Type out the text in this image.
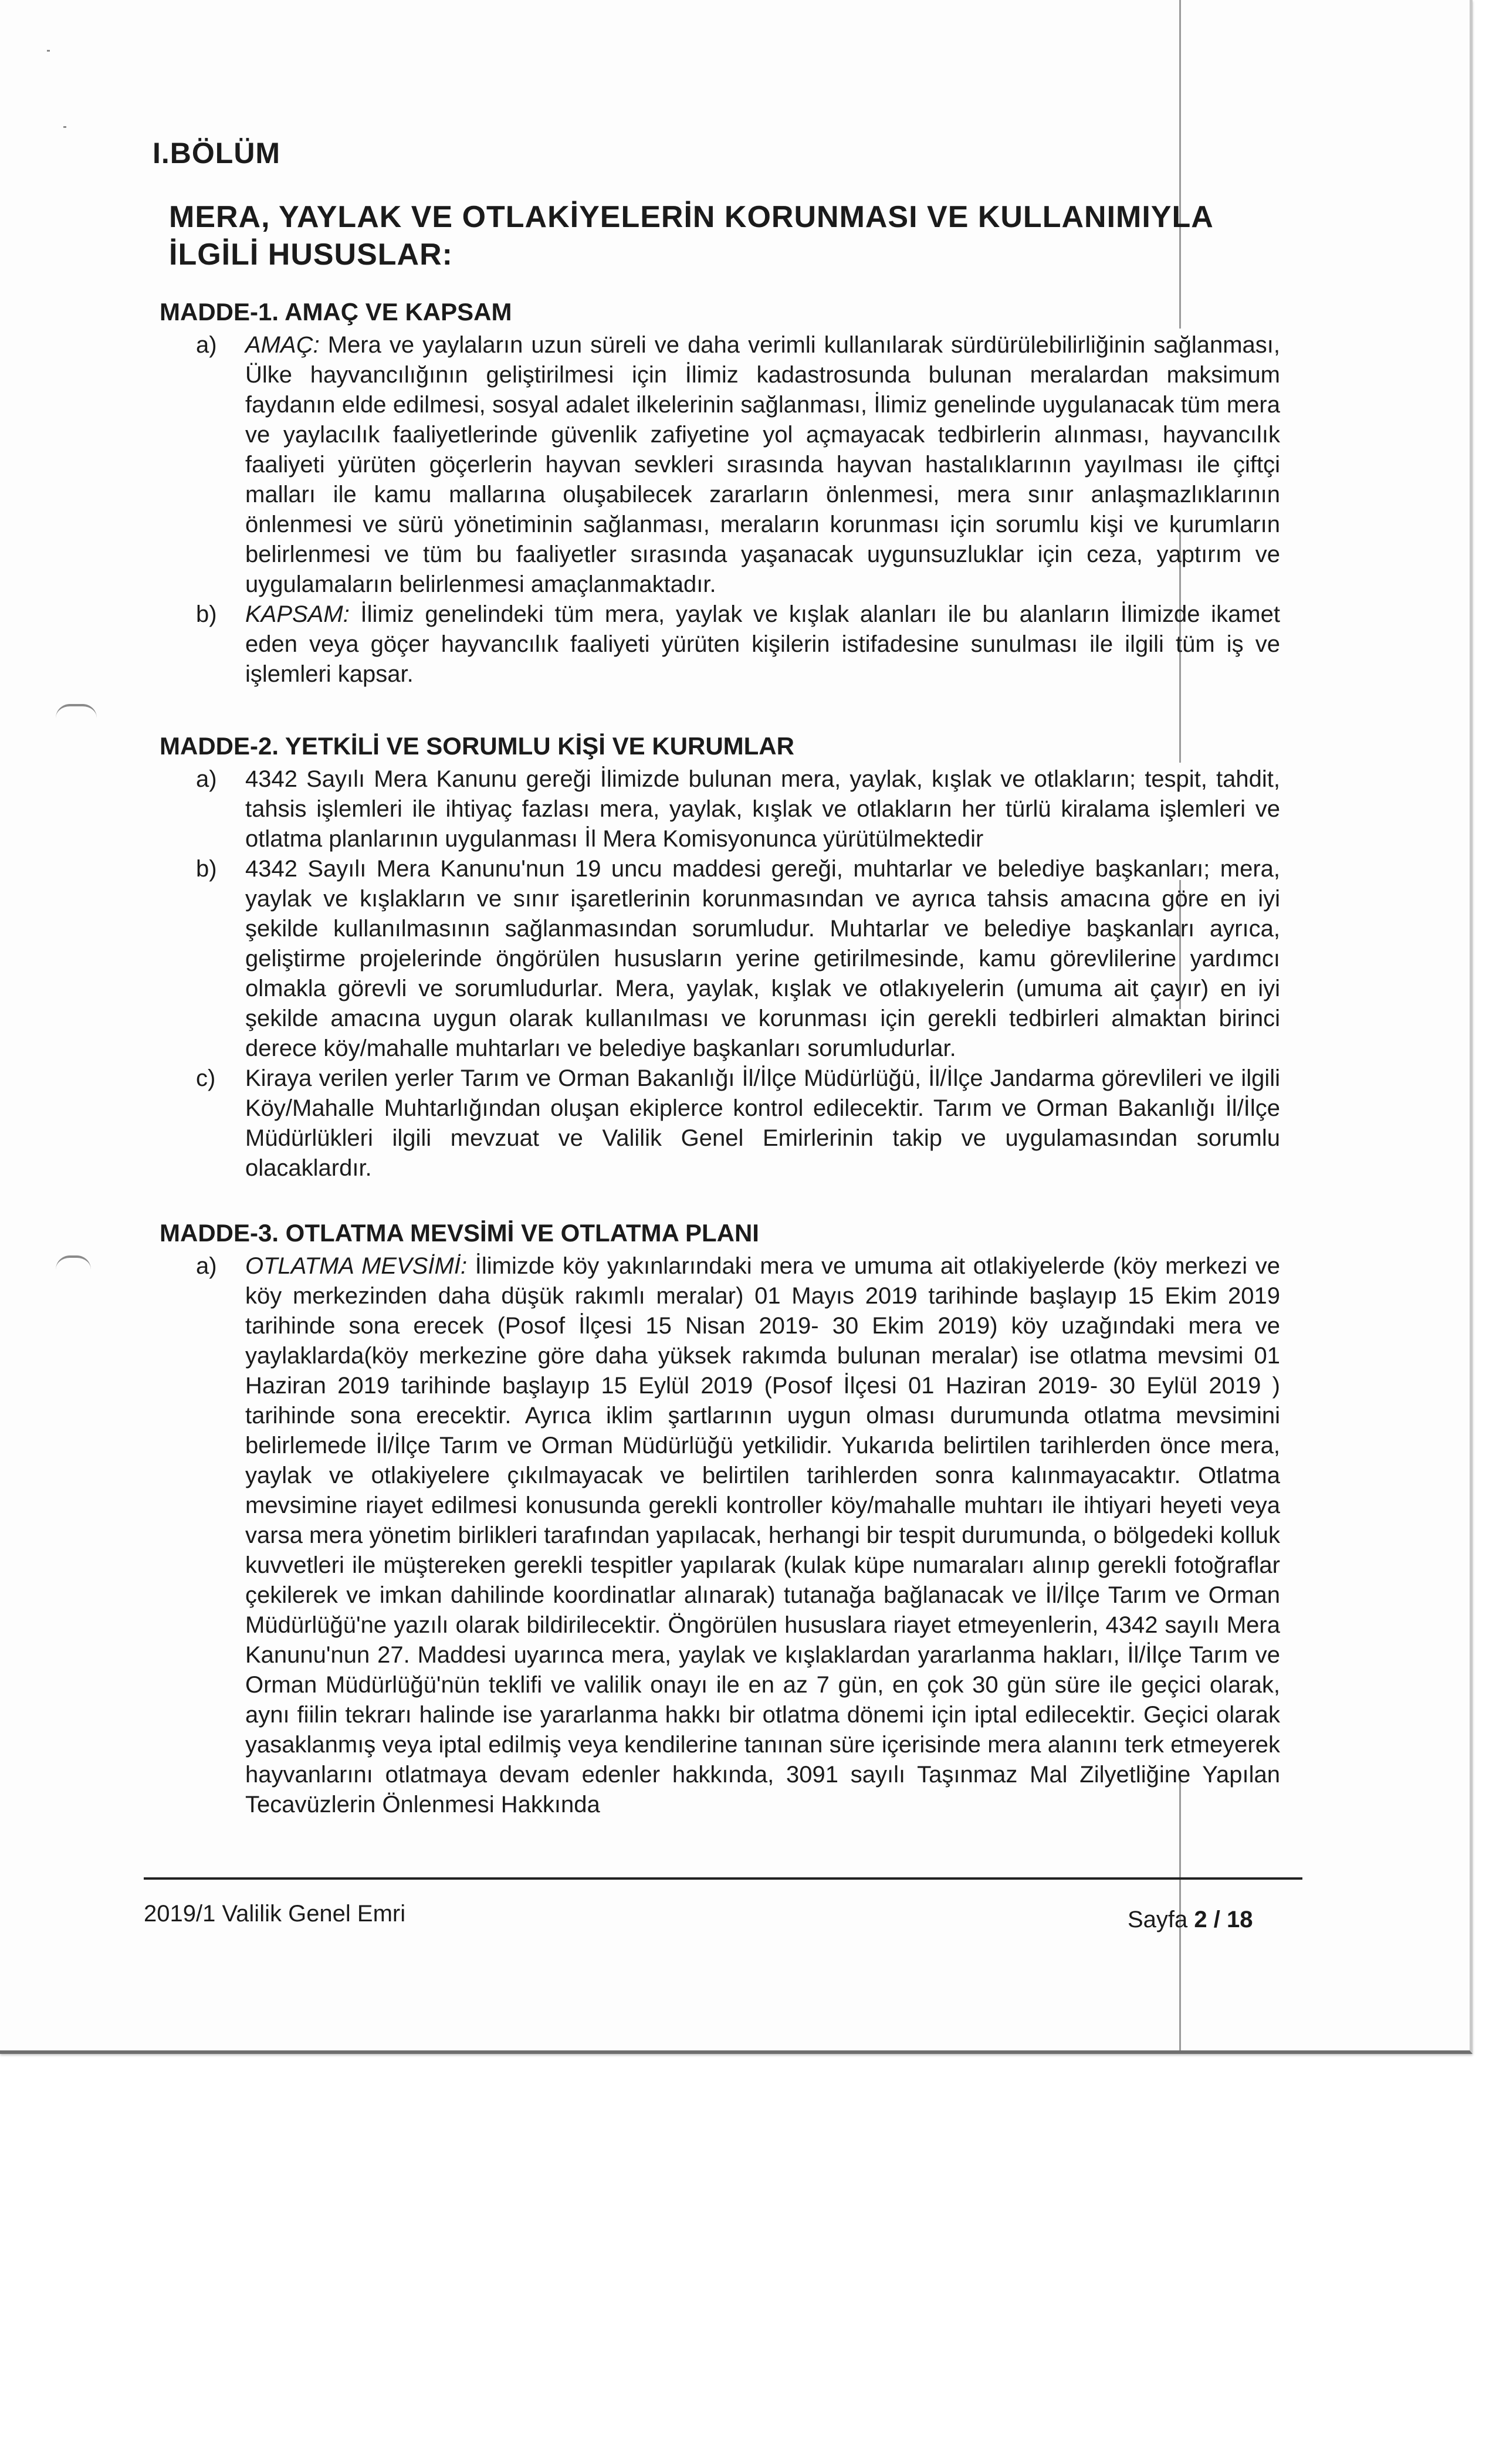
I.BÖLÜM
MERA, YAYLAK VE OTLAKİYELERİN KORUNMASI VE KULLANIMIYLA İLGİLİ HUSUSLAR:
MADDE-1. AMAÇ VE KAPSAM
a) AMAÇ: Mera ve yaylaların uzun süreli ve daha verimli kullanılarak sürdürülebilirliğinin sağlanması, Ülke hayvancılığının geliştirilmesi için İlimiz kadastrosunda bulunan meralardan maksimum faydanın elde edilmesi, sosyal adalet ilkelerinin sağlanması, İlimiz genelinde uygulanacak tüm mera ve yaylacılık faaliyetlerinde güvenlik zafiyetine yol açmayacak tedbirlerin alınması, hayvancılık faaliyeti yürüten göçerlerin hayvan sevkleri sırasında hayvan hastalıklarının yayılması ile çiftçi malları ile kamu mallarına oluşabilecek zararların önlenmesi, mera sınır anlaşmazlıklarının önlenmesi ve sürü yönetiminin sağlanması, meraların korunması için sorumlu kişi ve kurumların belirlenmesi ve tüm bu faaliyetler sırasında yaşanacak uygunsuzluklar için ceza, yaptırım ve uygulamaların belirlenmesi amaçlanmaktadır.

b) KAPSAM: İlimiz genelindeki tüm mera, yaylak ve kışlak alanları ile bu alanların İlimizde ikamet eden veya göçer hayvancılık faaliyeti yürüten kişilerin istifadesine sunulması ile ilgili tüm iş ve işlemleri kapsar.

MADDE-2. YETKİLİ VE SORUMLU KİŞİ VE KURUMLAR
a) 4342 Sayılı Mera Kanunu gereği İlimizde bulunan mera, yaylak, kışlak ve otlakların; tespit, tahdit, tahsis işlemleri ile ihtiyaç fazlası mera, yaylak, kışlak ve otlakların her türlü kiralama işlemleri ve otlatma planlarının uygulanması İl Mera Komisyonunca yürütülmektedir

b) 4342 Sayılı Mera Kanunu'nun 19 uncu maddesi gereği, muhtarlar ve belediye başkanları; mera, yaylak ve kışlakların ve sınır işaretlerinin korunmasından ve ayrıca tahsis amacına göre en iyi şekilde kullanılmasının sağlanmasından sorumludur. Muhtarlar ve belediye başkanları ayrıca, geliştirme projelerinde öngörülen hususların yerine getirilmesinde, kamu görevlilerine yardımcı olmakla görevli ve sorumludurlar. Mera, yaylak, kışlak ve otlakıyelerin (umuma ait çayır) en iyi şekilde amacına uygun olarak kullanılması ve korunması için gerekli tedbirleri almaktan birinci derece köy/mahalle muhtarları ve belediye başkanları sorumludurlar.

c) Kiraya verilen yerler Tarım ve Orman Bakanlığı İl/İlçe Müdürlüğü, İl/İlçe Jandarma görevlileri ve ilgili Köy/Mahalle Muhtarlığından oluşan ekiplerce kontrol edilecektir. Tarım ve Orman Bakanlığı İl/İlçe Müdürlükleri ilgili mevzuat ve Valilik Genel Emirlerinin takip ve uygulamasından sorumlu olacaklardır.

MADDE-3. OTLATMA MEVSİMİ VE OTLATMA PLANI
a) OTLATMA MEVSİMİ: İlimizde köy yakınlarındaki mera ve umuma ait otlakiyelerde (köy merkezi ve köy merkezinden daha düşük rakımlı meralar) 01 Mayıs 2019 tarihinde başlayıp 15 Ekim 2019 tarihinde sona erecek (Posof İlçesi 15 Nisan 2019- 30 Ekim 2019) köy uzağındaki mera ve yaylaklarda(köy merkezine göre daha yüksek rakımda bulunan meralar) ise otlatma mevsimi 01 Haziran 2019 tarihinde başlayıp 15 Eylül 2019 (Posof İlçesi 01 Haziran 2019- 30 Eylül 2019 ) tarihinde sona erecektir. Ayrıca iklim şartlarının uygun olması durumunda otlatma mevsimini belirlemede İl/İlçe Tarım ve Orman Müdürlüğü yetkilidir. Yukarıda belirtilen tarihlerden önce mera, yaylak ve otlakiyelere çıkılmayacak ve belirtilen tarihlerden sonra kalınmayacaktır. Otlatma mevsimine riayet edilmesi konusunda gerekli kontroller köy/mahalle muhtarı ile ihtiyari heyeti veya varsa mera yönetim birlikleri tarafından yapılacak, herhangi bir tespit durumunda, o bölgedeki kolluk kuvvetleri ile müştereken gerekli tespitler yapılarak (kulak küpe numaraları alınıp gerekli fotoğraflar çekilerek ve imkan dahilinde koordinatlar alınarak) tutanağa bağlanacak ve İl/İlçe Tarım ve Orman Müdürlüğü'ne yazılı olarak bildirilecektir. Öngörülen hususlara riayet etmeyenlerin, 4342 sayılı Mera Kanunu'nun 27. Maddesi uyarınca mera, yaylak ve kışlaklardan yararlanma hakları, İl/İlçe Tarım ve Orman Müdürlüğü'nün teklifi ve valilik onayı ile en az 7 gün, en çok 30 gün süre ile geçici olarak, aynı fiilin tekrarı halinde ise yararlanma hakkı bir otlatma dönemi için iptal edilecektir. Geçici olarak yasaklanmış veya iptal edilmiş veya kendilerine tanınan süre içerisinde mera alanını terk etmeyerek hayvanlarını otlatmaya devam edenler hakkında, 3091 sayılı Taşınmaz Mal Zilyetliğine Yapılan Tecavüzlerin Önlenmesi Hakkında

2019/1 Valilik Genel Emri	Sayfa 2 / 18
